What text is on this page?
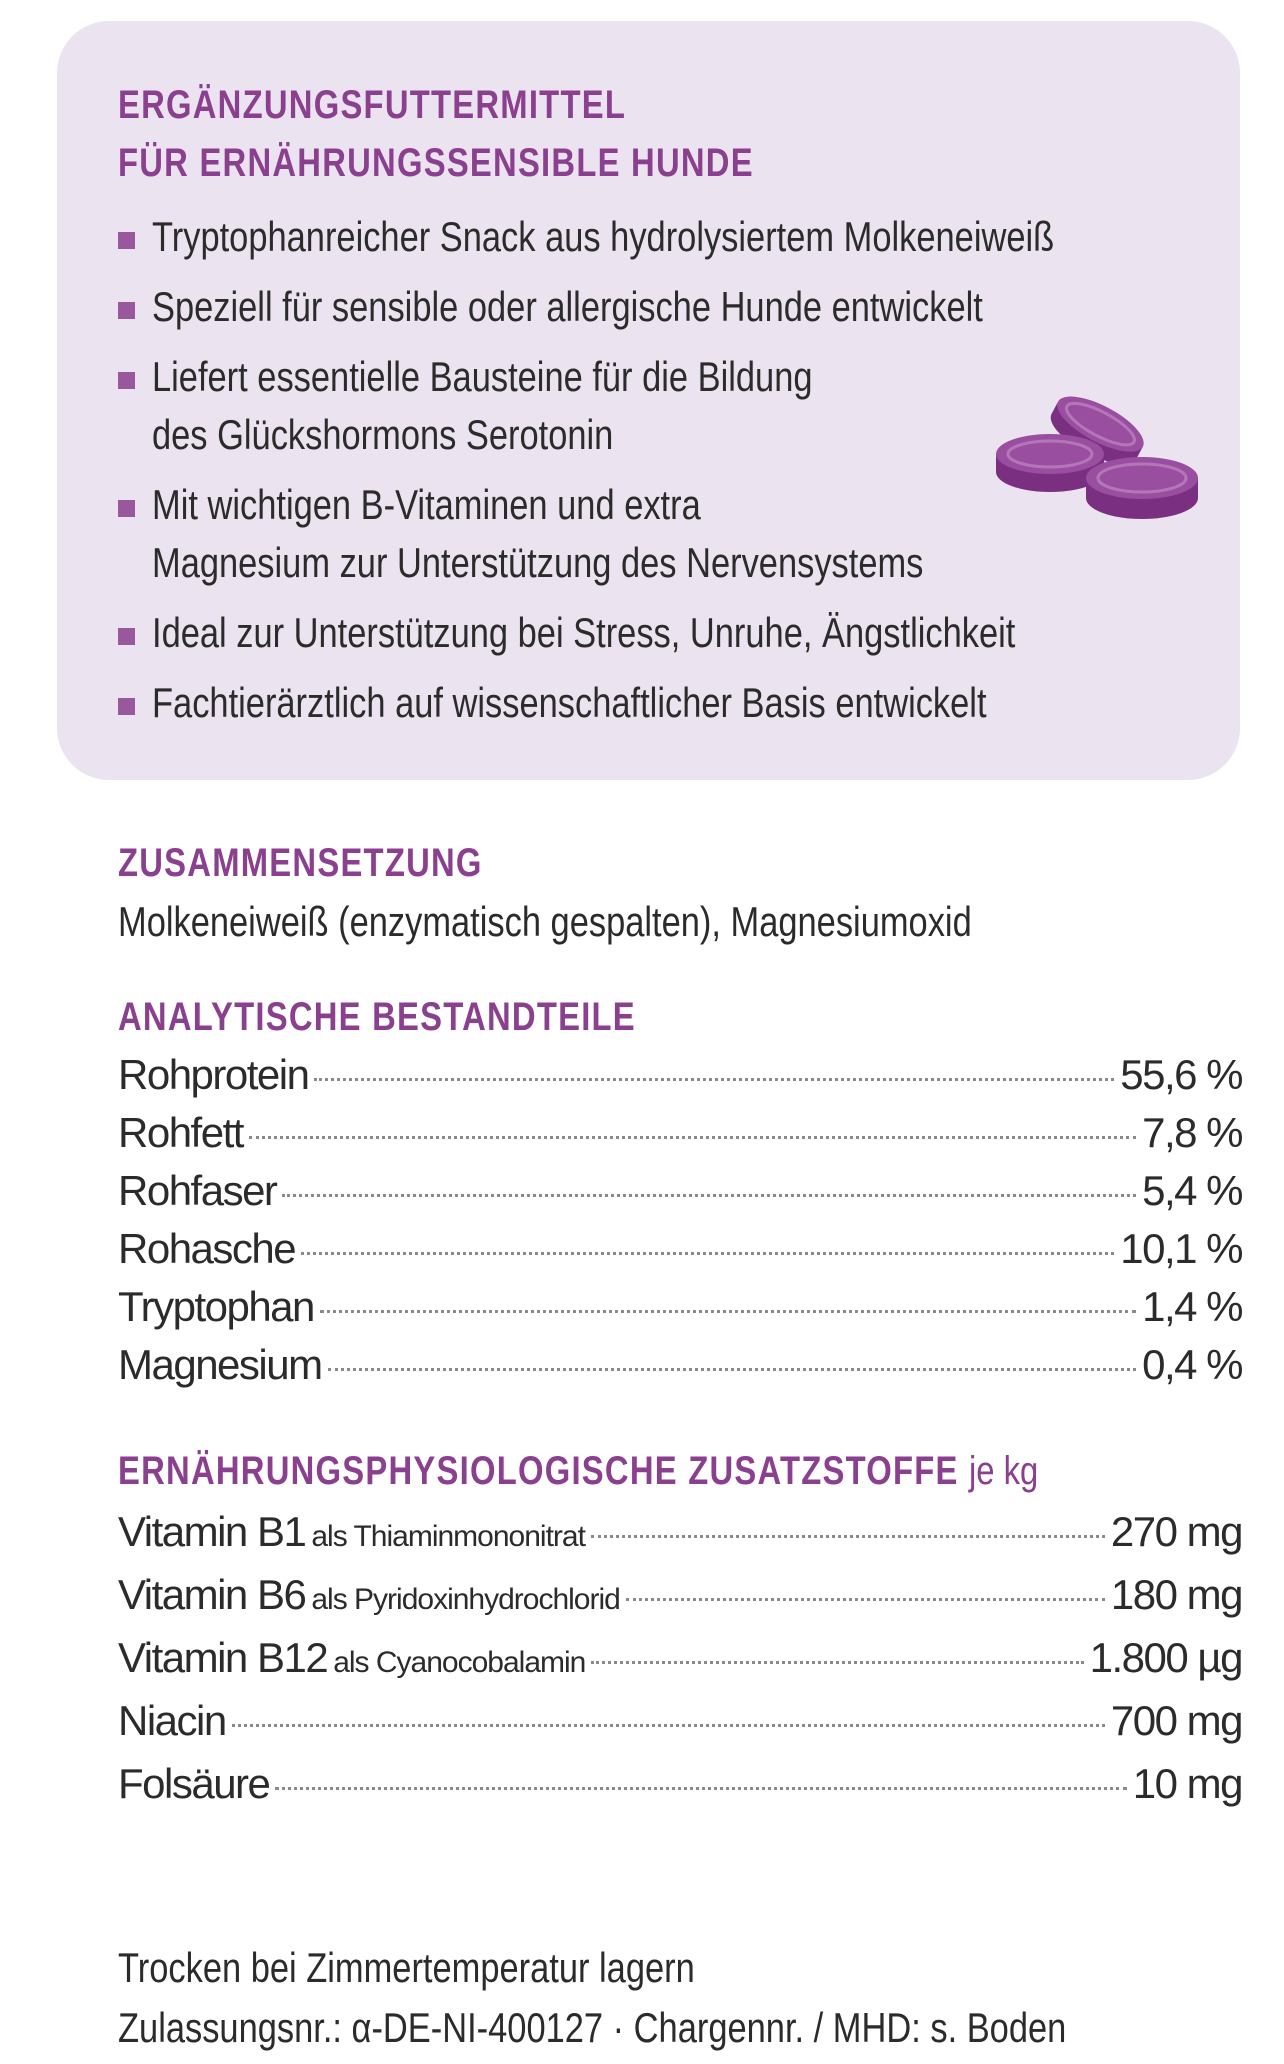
ERGÄNZUNGSFUTTERMITTEL
FÜR ERNÄHRUNGSSENSIBLE HUNDE
Tryptophanreicher Snack aus hydrolysiertem Molkeneiweiß
Speziell für sensible oder allergische Hunde entwickelt
Liefert essentielle Bausteine für die Bildung
des Glückshormons Serotonin
Mit wichtigen B-Vitaminen und extra
Magnesium zur Unterstützung des Nervensystems
Ideal zur Unterstützung bei Stress, Unruhe, Ängstlichkeit
Fachtierärztlich auf wissenschaftlicher Basis entwickelt
ZUSAMMENSETZUNG
Molkeneiweiß (enzymatisch gespalten), Magnesiumoxid
ANALYTISCHE BESTANDTEILE
Rohprotein	55,6 %
Rohfett	7,8 %
Rohfaser	5,4 %
Rohasche	10,1 %
Tryptophan	1,4 %
Magnesium	0,4 %
ERNÄHRUNGSPHYSIOLOGISCHE ZUSATZSTOFFE je kg
Vitamin B1 als Thiaminmononitrat	270 mg
Vitamin B6 als Pyridoxinhydrochlorid	180 mg
Vitamin B12 als Cyanocobalamin	1.800 µg
Niacin	700 mg
Folsäure	10 mg
Trocken bei Zimmertemperatur lagern
Zulassungsnr.: α-DE-NI-400127 · Chargennr. / MHD: s. Boden
